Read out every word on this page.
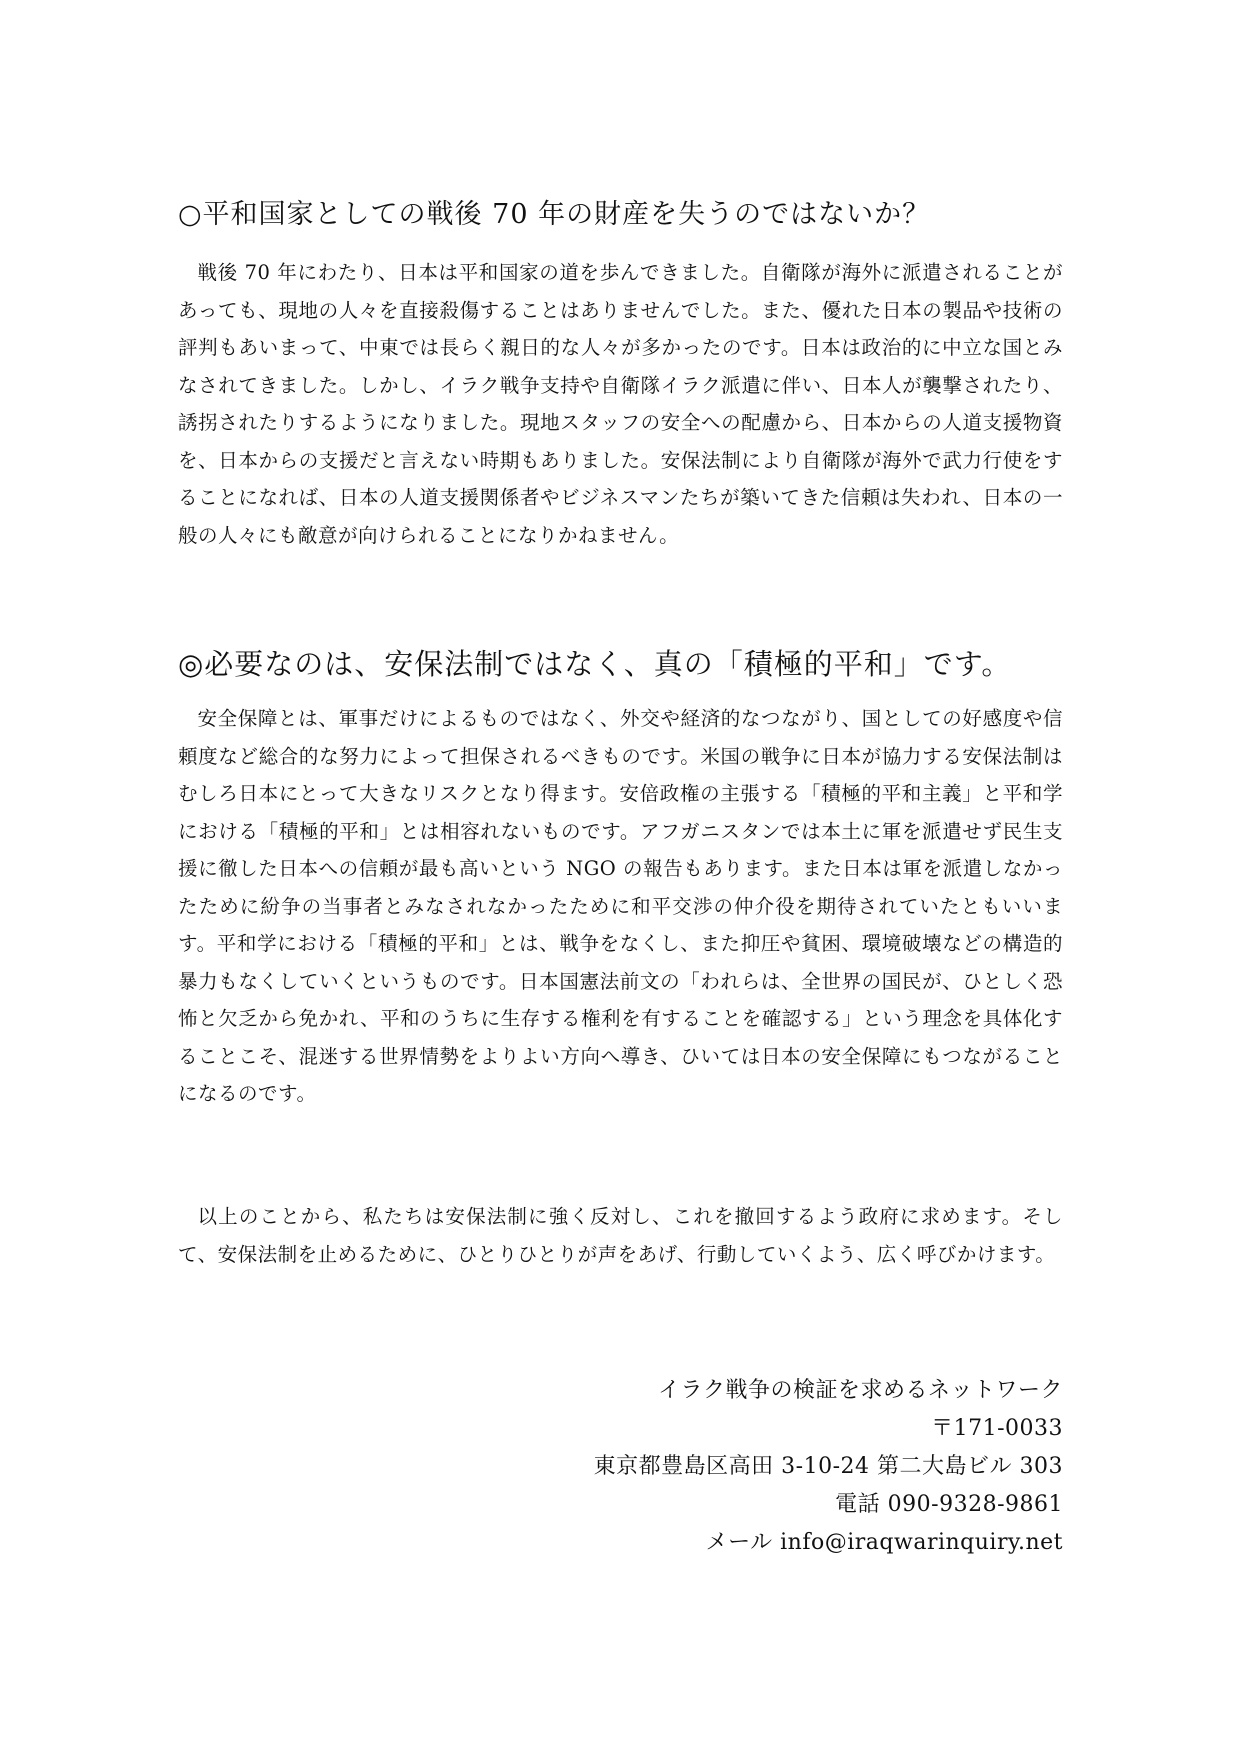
○平和国家としての戦後 70 年の財産を失うのではないか？

戦後 70 年にわたり、日本は平和国家の道を歩んできました。自衛隊が海外に派遣されることがあっても、現地の人々を直接殺傷することはありませんでした。また、優れた日本の製品や技術の評判もあいまって、中東では長らく親日的な人々が多かったのです。日本は政治的に中立な国とみなされてきました。しかし、イラク戦争支持や自衛隊イラク派遣に伴い、日本人が襲撃されたり、誘拐されたりするようになりました。現地スタッフの安全への配慮から、日本からの人道支援物資を、日本からの支援だと言えない時期もありました。安保法制により自衛隊が海外で武力行使をすることになれば、日本の人道支援関係者やビジネスマンたちが築いてきた信頼は失われ、日本の一般の人々にも敵意が向けられることになりかねません。

◎必要なのは、安保法制ではなく、真の「積極的平和」です。

安全保障とは、軍事だけによるものではなく、外交や経済的なつながり、国としての好感度や信頼度など総合的な努力によって担保されるべきものです。米国の戦争に日本が協力する安保法制はむしろ日本にとって大きなリスクとなり得ます。安倍政権の主張する「積極的平和主義」と平和学における「積極的平和」とは相容れないものです。アフガニスタンでは本土に軍を派遣せず民生支援に徹した日本への信頼が最も高いという NGO の報告もあります。また日本は軍を派遣しなかったために紛争の当事者とみなされなかったために和平交渉の仲介役を期待されていたともいいます。平和学における「積極的平和」とは、戦争をなくし、また抑圧や貧困、環境破壊などの構造的暴力もなくしていくというものです。日本国憲法前文の「われらは、全世界の国民が、ひとしく恐怖と欠乏から免かれ、平和のうちに生存する権利を有することを確認する」という理念を具体化することこそ、混迷する世界情勢をよりよい方向へ導き、ひいては日本の安全保障にもつながることになるのです。

以上のことから、私たちは安保法制に強く反対し、これを撤回するよう政府に求めます。そして、安保法制を止めるために、ひとりひとりが声をあげ、行動していくよう、広く呼びかけます。

イラク戦争の検証を求めるネットワーク
〒171-0033
東京都豊島区高田 3-10-24 第二大島ビル 303
電話 090-9328-9861
メール info@iraqwarinquiry.net
